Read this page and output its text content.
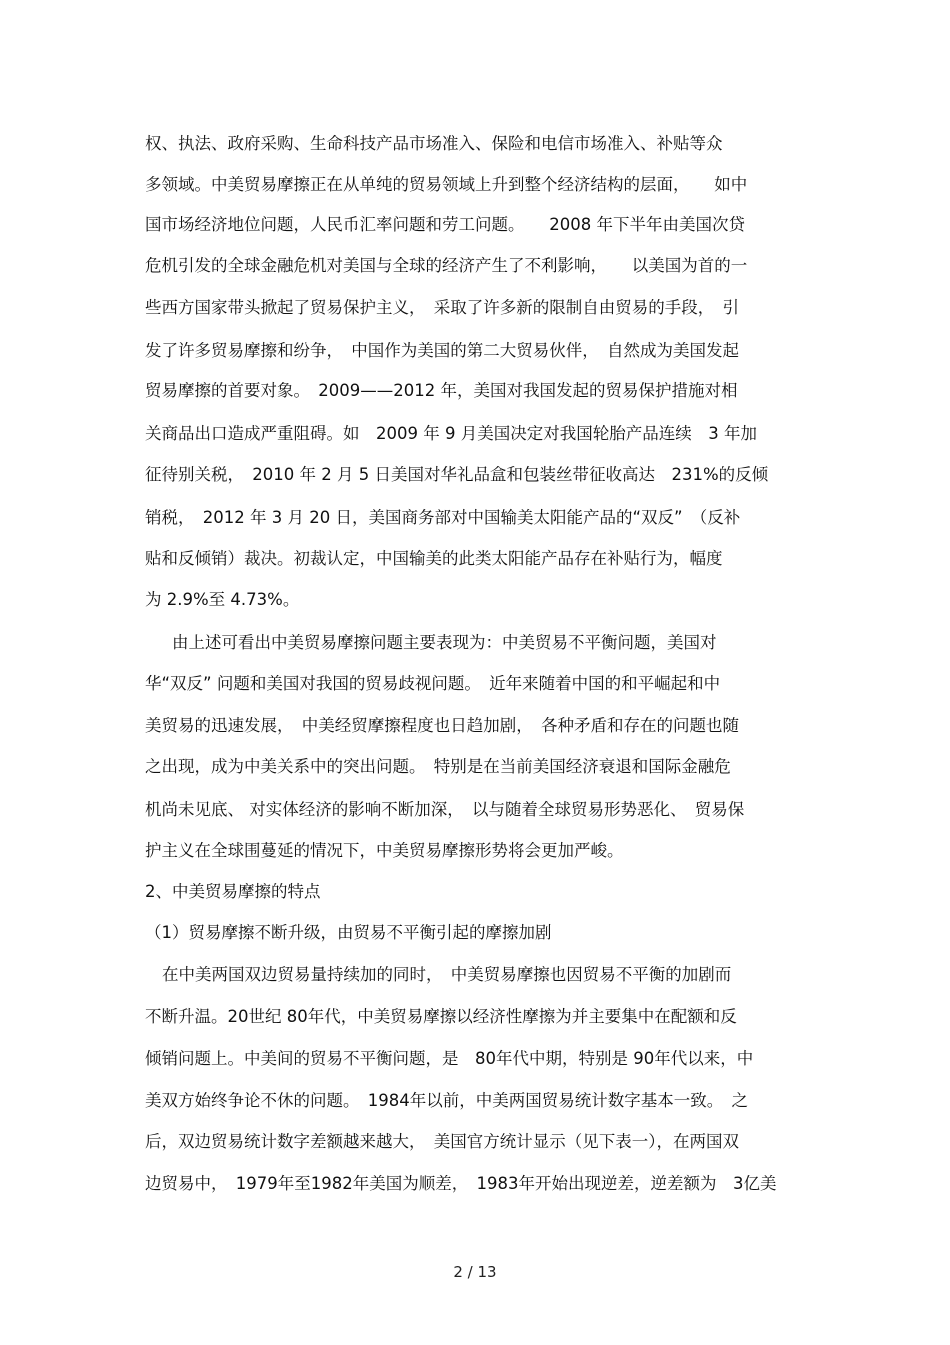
权、执法、政府采购、生命科技产品市场准入、保险和电信市场准入、补贴等众
多领域。中美贸易摩擦正在从单纯的贸易领域上升到整个经济结构的层面，　　如中
国市场经济地位问题，人民币汇率问题和劳工问题。　　2008 年下半年由美国次贷
危机引发的全球金融危机对美国与全球的经济产生了不利影响，　　以美国为首的一
些西方国家带头掀起了贸易保护主义，　采取了许多新的限制自由贸易的手段，　引
发了许多贸易摩擦和纷争，　中国作为美国的第二大贸易伙伴，　自然成为美国发起
贸易摩擦的首要对象。　2009——2012 年，美国对我国发起的贸易保护措施对相
关商品出口造成严重阻碍。如　2009 年 9 月美国决定对我国轮胎产品连续　3 年加
征待别关税，　2010 年 2 月 5 日美国对华礼品盒和包装丝带征收高达　231%的反倾
销税，　2012 年 3 月 20 日，美国商务部对中国输美太阳能产品的“双反”　（反补
贴和反倾销）裁决。初裁认定，中国输美的此类太阳能产品存在补贴行为，幅度
为 2.9%至 4.73%。
由上述可看出中美贸易摩擦问题主要表现为：中美贸易不平衡问题，美国对
华“双反” 问题和美国对我国的贸易歧视问题。　近年来随着中国的和平崛起和中
美贸易的迅速发展，　中美经贸摩擦程度也日趋加剧，　各种矛盾和存在的问题也随
之出现，成为中美关系中的突出问题。　特别是在当前美国经济衰退和国际金融危
机尚未见底、 对实体经济的影响不断加深，　以与随着全球贸易形势恶化、　贸易保
护主义在全球围蔓延的情况下，中美贸易摩擦形势将会更加严峻。
2、中美贸易摩擦的特点
（1）贸易摩擦不断升级，由贸易不平衡引起的摩擦加剧
在中美两国双边贸易量持续加的同时，　中美贸易摩擦也因贸易不平衡的加剧而
不断升温。20世纪 80年代，中美贸易摩擦以经济性摩擦为并主要集中在配额和反
倾销问题上。中美间的贸易不平衡问题，是　80年代中期，特别是 90年代以来，中
美双方始终争论不休的问题。　1984年以前，中美两国贸易统计数字基本一致。　之
后，双边贸易统计数字差额越来越大，　美国官方统计显示（见下表一），在两国双
边贸易中，　1979年至1982年美国为顺差，　1983年开始出现逆差，逆差额为　3亿美
2 / 13
